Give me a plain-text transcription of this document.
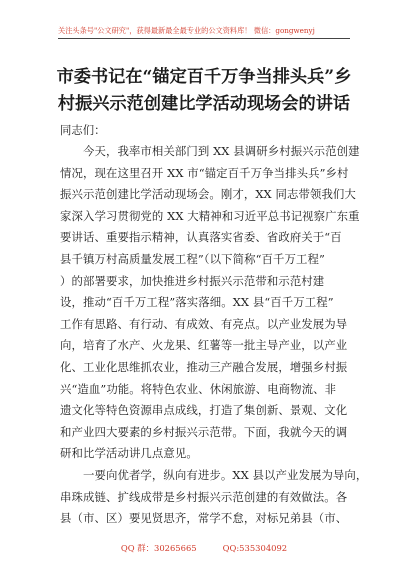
关注头条号"公文研究"，获得最新最全最专业的公文资料库！ 微信：gongwenyj
市委书记在“锚定百千万争当排头兵”乡
村振兴示范创建比学活动现场会的讲话
同志们：
　　今天，我率市相关部门到 XX 县调研乡村振兴示范创建
情况，现在这里召开 XX 市“锚定百千万争当排头兵”乡村
振兴示范创建比学活动现场会。刚才，XX 同志带领我们大
家深入学习贯彻党的 XX 大精神和习近平总书记视察广东重
要讲话、重要指示精神，认真落实省委、省政府关于“百
县千镇万村高质量发展工程”（以下简称“百千万工程”
）的部署要求，加快推进乡村振兴示范带和示范村建
设，推动“百千万工程”落实落细。XX 县“百千万工程”
工作有思路、有行动、有成效、有亮点。以产业发展为导
向，培育了水产、火龙果、红薯等一批主导产业，以产业
化、工业化思维抓农业，推动三产融合发展，增强乡村振
兴“造血”功能。将特色农业、休闲旅游、电商物流、非
遗文化等特色资源串点成线，打造了集创新、景观、文化
和产业四大要素的乡村振兴示范带。下面，我就今天的调
研和比学活动讲几点意见。
　　一要向优者学，纵向有进步。XX 县以产业发展为导向，
串珠成链、扩线成带是乡村振兴示范创建的有效做法。各
县（市、区）要见贤思齐，常学不怠，对标兄弟县（市、
QQ 群：30265665	QQ:535304092
